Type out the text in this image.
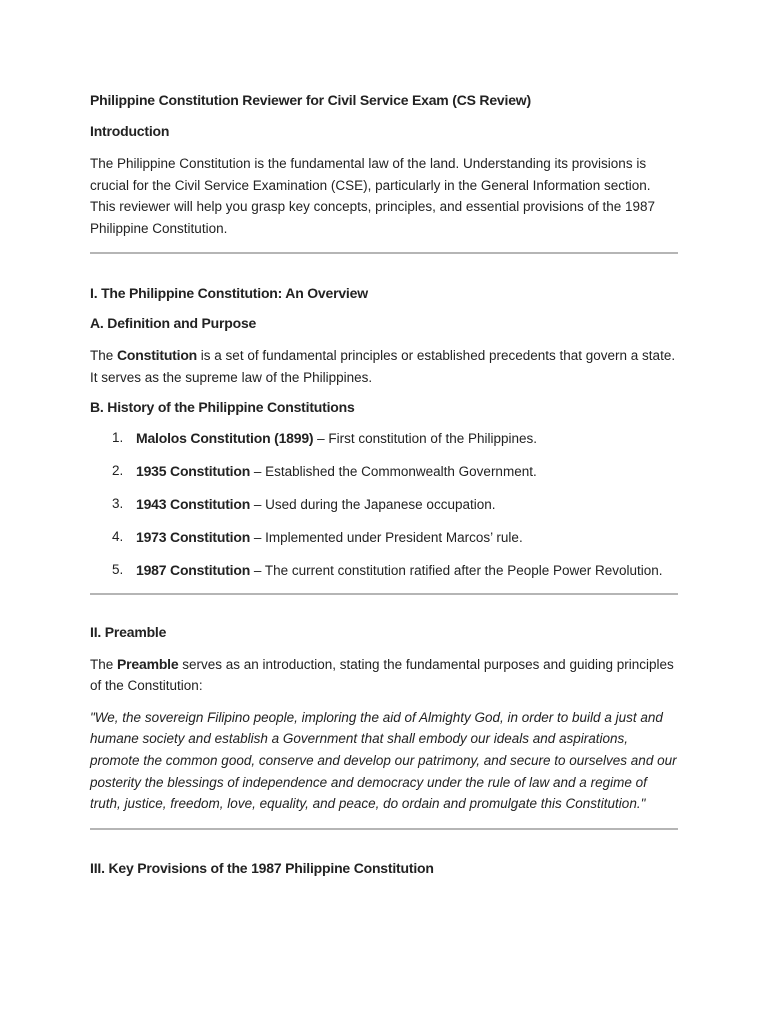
Philippine Constitution Reviewer for Civil Service Exam (CS Review)
Introduction

The Philippine Constitution is the fundamental law of the land. Understanding its provisions is crucial for the Civil Service Examination (CSE), particularly in the General Information section. This reviewer will help you grasp key concepts, principles, and essential provisions of the 1987 Philippine Constitution.

I. The Philippine Constitution: An Overview
A. Definition and Purpose

The Constitution is a set of fundamental principles or established precedents that govern a state. It serves as the supreme law of the Philippines.

B. History of the Philippine Constitutions
1. Malolos Constitution (1899) – First constitution of the Philippines.
2. 1935 Constitution – Established the Commonwealth Government.
3. 1943 Constitution – Used during the Japanese occupation.
4. 1973 Constitution – Implemented under President Marcos’ rule.
5. 1987 Constitution – The current constitution ratified after the People Power Revolution.
II. Preamble

The Preamble serves as an introduction, stating the fundamental purposes and guiding principles of the Constitution:

"We, the sovereign Filipino people, imploring the aid of Almighty God, in order to build a just and humane society and establish a Government that shall embody our ideals and aspirations, promote the common good, conserve and develop our patrimony, and secure to ourselves and our posterity the blessings of independence and democracy under the rule of law and a regime of truth, justice, freedom, love, equality, and peace, do ordain and promulgate this Constitution."

III. Key Provisions of the 1987 Philippine Constitution
